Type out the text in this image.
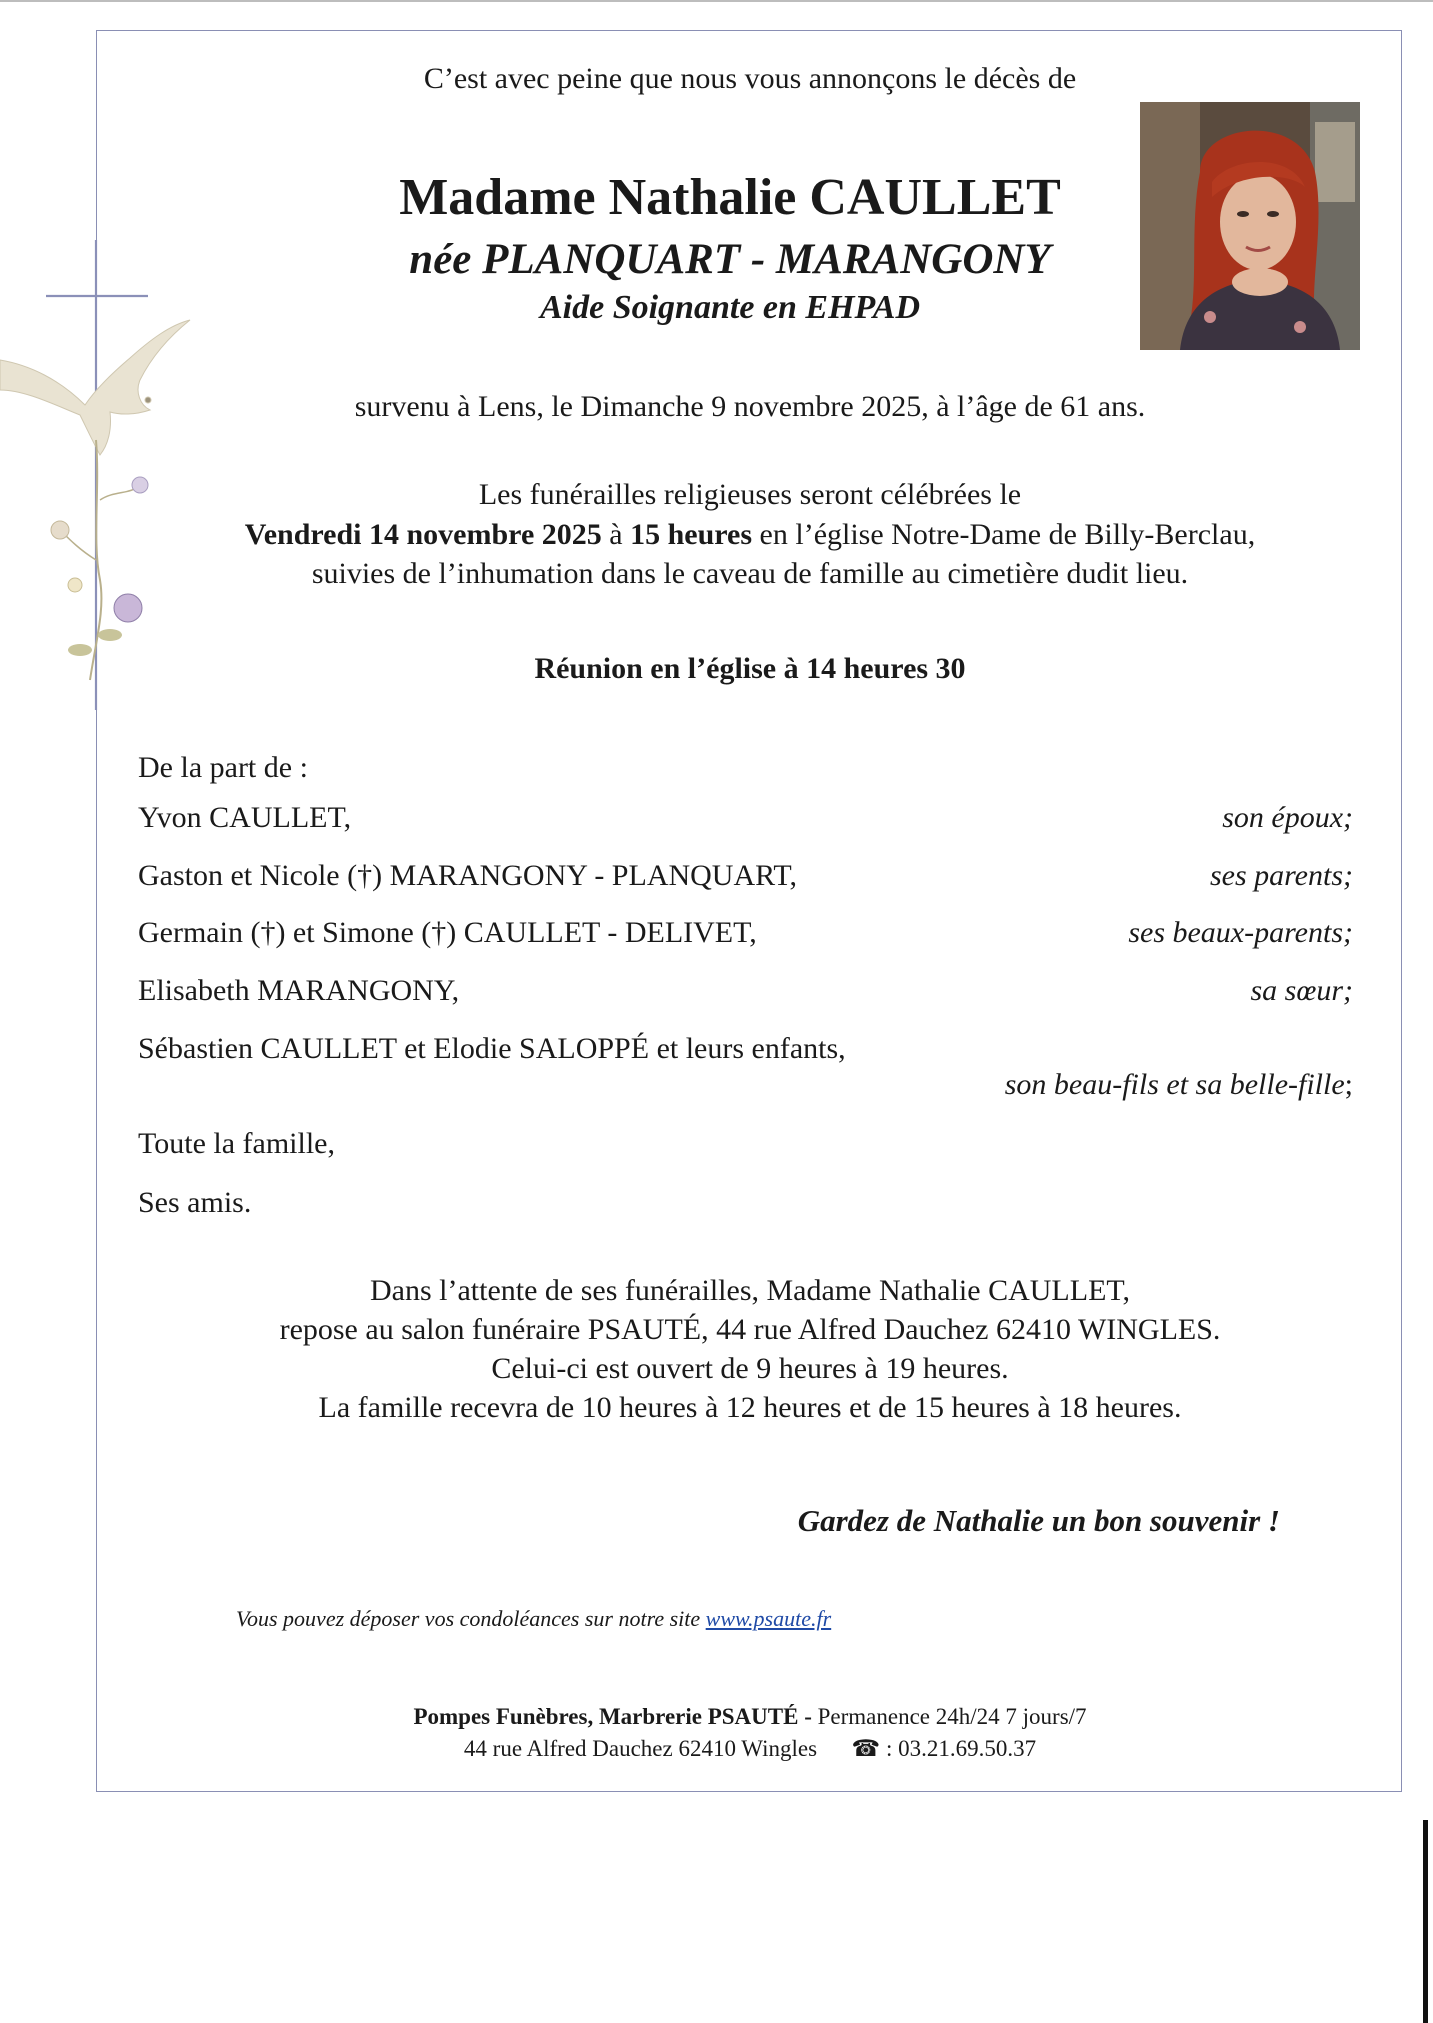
C’est avec peine que nous vous annonçons le décès de
Madame Nathalie CAULLET
née PLANQUART - MARANGONY
Aide Soignante en EHPAD
survenu à Lens, le Dimanche 9 novembre 2025, à l’âge de 61 ans.
Les funérailles religieuses seront célébrées le
Vendredi 14 novembre 2025 à 15 heures en l’église Notre-Dame de Billy-Berclau,
suivies de l’inhumation dans le caveau de famille au cimetière dudit lieu.
Réunion en l’église à 14 heures 30
De la part de :
Yvon CAULLET,	son époux;
Gaston et Nicole (†) MARANGONY - PLANQUART,	ses parents;
Germain (†) et Simone (†) CAULLET - DELIVET,	ses beaux-parents;
Elisabeth MARANGONY,	sa sœur;
Sébastien CAULLET et Elodie SALOPPÉ et leurs enfants,
son beau-fils et sa belle-fille;
Toute la famille,
Ses amis.
Dans l’attente de ses funérailles, Madame Nathalie CAULLET,
repose au salon funéraire PSAUTÉ, 44 rue Alfred Dauchez 62410 WINGLES.
Celui-ci est ouvert de 9 heures à 19 heures.
La famille recevra de 10 heures à 12 heures et de 15 heures à 18 heures.
Gardez de Nathalie un bon souvenir !
Vous pouvez déposer vos condoléances sur notre site www.psaute.fr
Pompes Funèbres, Marbrerie PSAUTÉ - Permanence 24h/24 7 jours/7
44 rue Alfred Dauchez 62410 Wingles ☎ : 03.21.69.50.37
